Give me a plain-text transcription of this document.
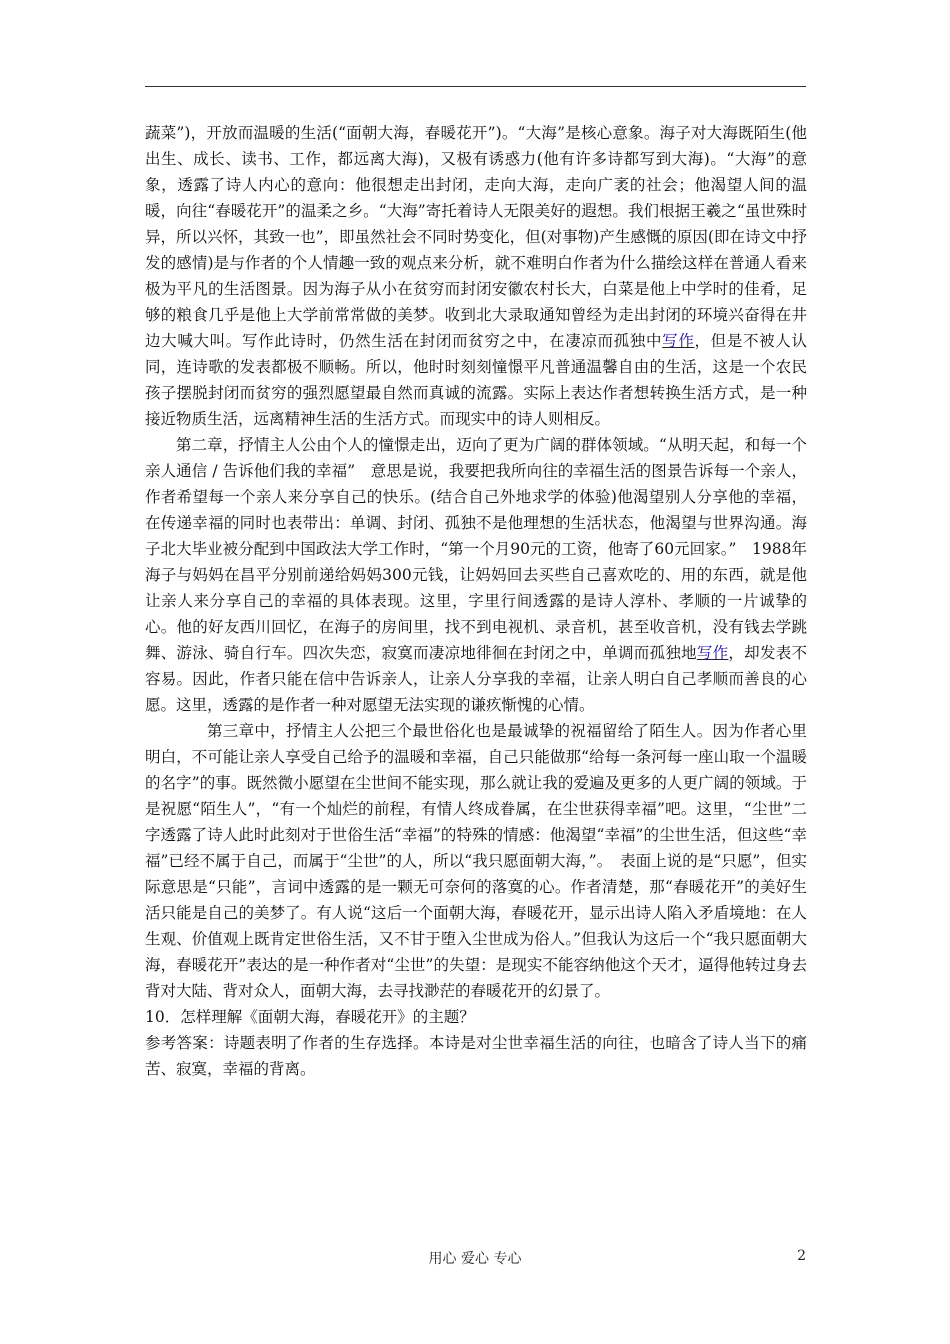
蔬菜”)，开放而温暖的生活(“面朝大海，春暖花开”)。“大海”是核心意象。海子对大海既陌生(他出生、成长、读书、工作，都远离大海)，又极有诱惑力(他有许多诗都写到大海)。“大海”的意象，透露了诗人内心的意向：他很想走出封闭，走向大海，走向广袤的社会；他渴望人间的温暖，向往“春暖花开”的温柔之乡。“大海”寄托着诗人无限美好的遐想。我们根据王羲之“虽世殊时异，所以兴怀，其致一也”，即虽然社会不同时势变化，但(对事物)产生感慨的原因(即在诗文中抒发的感情)是与作者的个人情趣一致的观点来分析，就不难明白作者为什么描绘这样在普通人看来极为平凡的生活图景。因为海子从小在贫穷而封闭安徽农村长大，白菜是他上中学时的佳肴，足够的粮食几乎是他上大学前常常做的美梦。收到北大录取通知曾经为走出封闭的环境兴奋得在井边大喊大叫。写作此诗时，仍然生活在封闭而贫穷之中，在凄凉而孤独中写作，但是不被人认同，连诗歌的发表都极不顺畅。所以，他时时刻刻憧憬平凡普通温馨自由的生活，这是一个农民孩子摆脱封闭而贫穷的强烈愿望最自然而真诚的流露。实际上表达作者想转换生活方式，是一种接近物质生活，远离精神生活的生活方式。而现实中的诗人则相反。

第二章，抒情主人公由个人的憧憬走出，迈向了更为广阔的群体领域。“从明天起，和每一个亲人通信 / 告诉他们我的幸福”　意思是说，我要把我所向往的幸福生活的图景告诉每一个亲人，作者希望每一个亲人来分享自己的快乐。(结合自己外地求学的体验)他渴望别人分享他的幸福，在传递幸福的同时也表带出：单调、封闭、孤独不是他理想的生活状态，他渴望与世界沟通。海子北大毕业被分配到中国政法大学工作时，“第一个月90元的工资，他寄了60元回家。”　1988年海子与妈妈在昌平分别前递给妈妈300元钱，让妈妈回去买些自己喜欢吃的、用的东西，就是他让亲人来分享自己的幸福的具体表现。这里，字里行间透露的是诗人淳朴、孝顺的一片诚挚的心。他的好友西川回忆，在海子的房间里，找不到电视机、录音机，甚至收音机，没有钱去学跳舞、游泳、骑自行车。四次失恋，寂寞而凄凉地徘徊在封闭之中，单调而孤独地写作，却发表不容易。因此，作者只能在信中告诉亲人，让亲人分享我的幸福，让亲人明白自己孝顺而善良的心愿。这里，透露的是作者一种对愿望无法实现的谦疚惭愧的心情。

第三章中，抒情主人公把三个最世俗化也是最诚挚的祝福留给了陌生人。因为作者心里明白，不可能让亲人享受自己给予的温暖和幸福，自己只能做那“给每一条河每一座山取一个温暖的名字”的事。既然微小愿望在尘世间不能实现，那么就让我的爱遍及更多的人更广阔的领域。于是祝愿“陌生人”，“有一个灿烂的前程，有情人终成眷属，在尘世获得幸福”吧。这里，“尘世”二字透露了诗人此时此刻对于世俗生活“幸福”的特殊的情感：他渴望“幸福”的尘世生活，但这些“幸福”已经不属于自己，而属于“尘世”的人，所以“我只愿面朝大海，”。　表面上说的是“只愿”，但实际意思是“只能”，言词中透露的是一颗无可奈何的落寞的心。作者清楚，那“春暖花开”的美好生活只能是自己的美梦了。有人说“这后一个面朝大海，春暖花开，显示出诗人陷入矛盾境地：在人生观、价值观上既肯定世俗生活，又不甘于堕入尘世成为俗人。”但我认为这后一个“我只愿面朝大海，春暖花开”表达的是一种作者对“尘世”的失望：是现实不能容纳他这个天才，逼得他转过身去背对大陆、背对众人，面朝大海，去寻找渺茫的春暖花开的幻景了。

10．怎样理解《面朝大海，春暖花开》的主题？

参考答案：诗题表明了作者的生存选择。本诗是对尘世幸福生活的向往，也暗含了诗人当下的痛苦、寂寞，幸福的背离。

用心 爱心 专心	2
